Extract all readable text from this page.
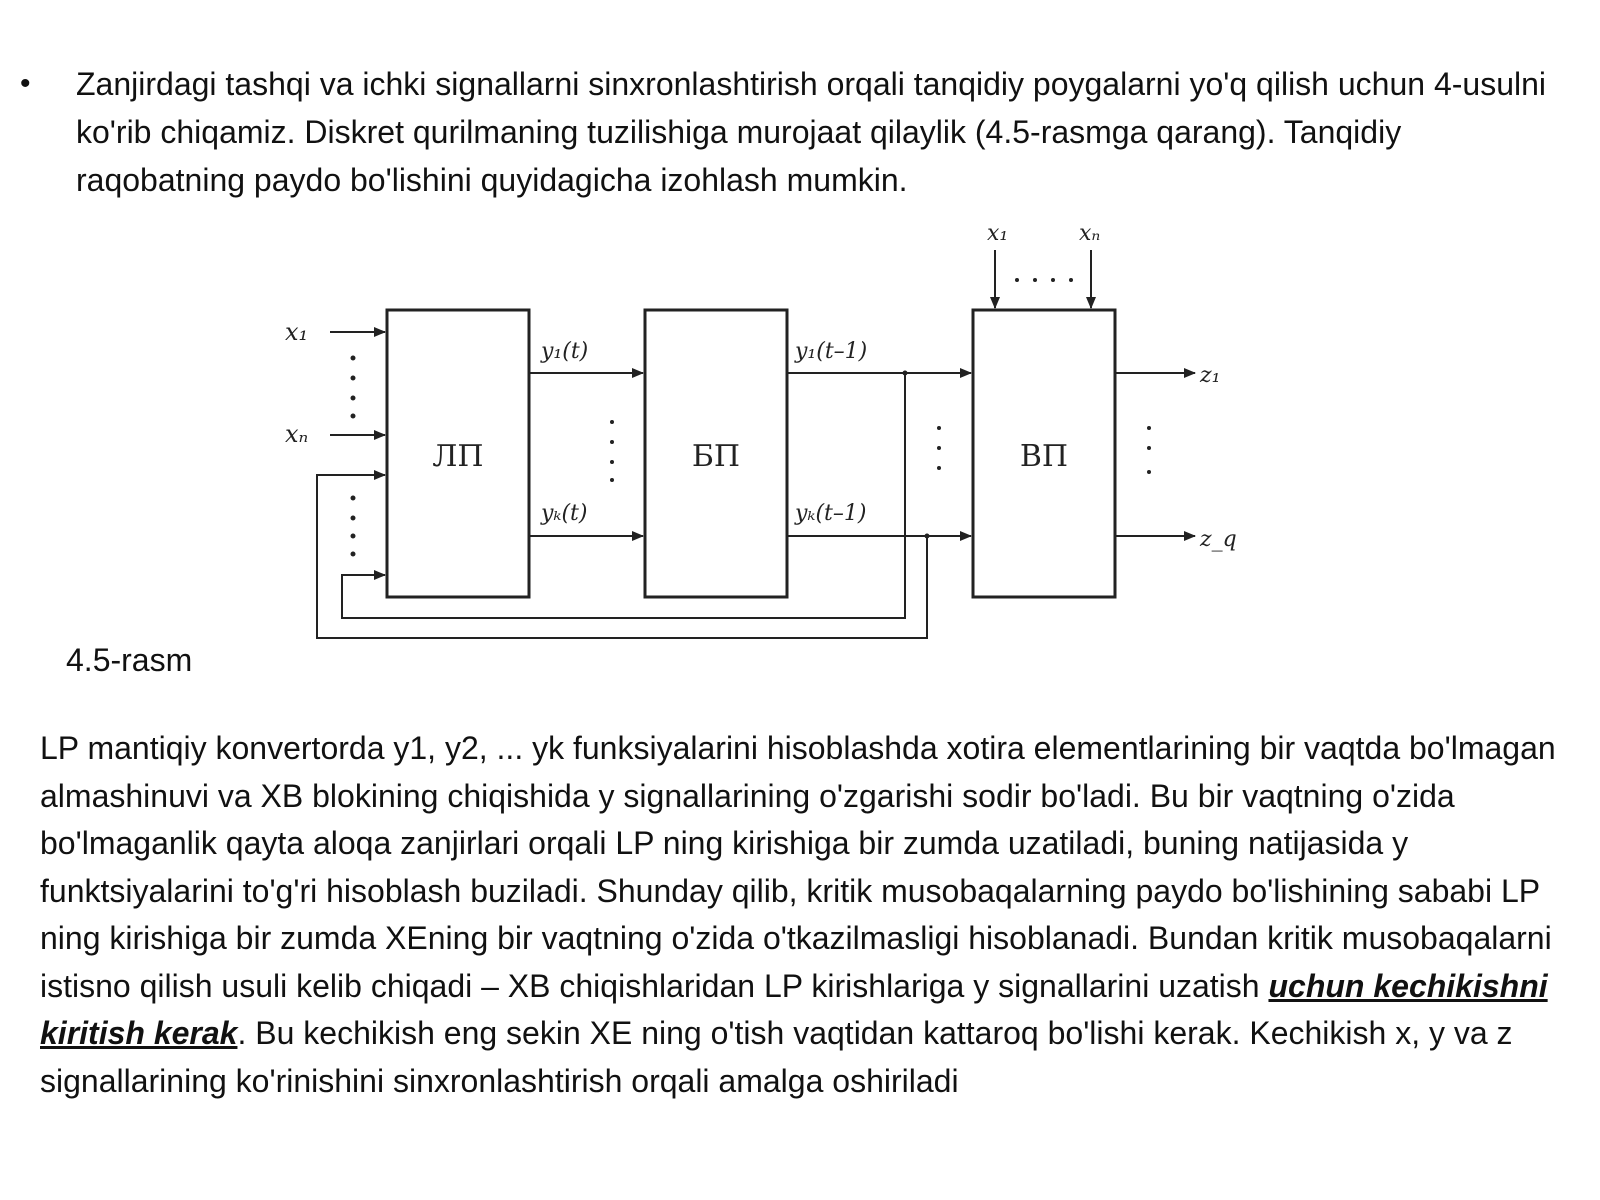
• Zanjirdagi tashqi va ichki signallarni sinxronlashtirish orqali tanqidiy poygalarni yo'q qilish uchun 4-usulni ko'rib chiqamiz. Diskret qurilmaning tuzilishiga murojaat qilaylik (4.5-rasmga qarang). Tanqidiy raqobatning paydo bo'lishini quyidagicha izohlash mumkin.
x₁
xₙ
ЛП	БП	ВП
y₁(t)
yₖ(t)
y₁(t–1)
yₖ(t–1)
x₁	xₙ
z₁
z_q
4.5-rasm
LP mantiqiy konvertorda y1, y2, ... yk funksiyalarini hisoblashda xotira elementlarining bir vaqtda bo'lmagan almashinuvi va XB blokining chiqishida y signallarining o'zgarishi sodir bo'ladi. Bu bir vaqtning o'zida bo'lmaganlik qayta aloqa zanjirlari orqali LP ning kirishiga bir zumda uzatiladi, buning natijasida y funktsiyalarini to'g'ri hisoblash buziladi. Shunday qilib, kritik musobaqalarning paydo bo'lishining sababi LP ning kirishiga bir zumda XEning bir vaqtning o'zida o'tkazilmasligi hisoblanadi. Bundan kritik musobaqalarni istisno qilish usuli kelib chiqadi – XB chiqishlaridan LP kirishlariga y signallarini uzatish uchun kechikishni kiritish kerak. Bu kechikish eng sekin XE ning o'tish vaqtidan kattaroq bo'lishi kerak. Kechikish x, y va z signallarining ko'rinishini sinxronlashtirish orqali amalga oshiriladi
